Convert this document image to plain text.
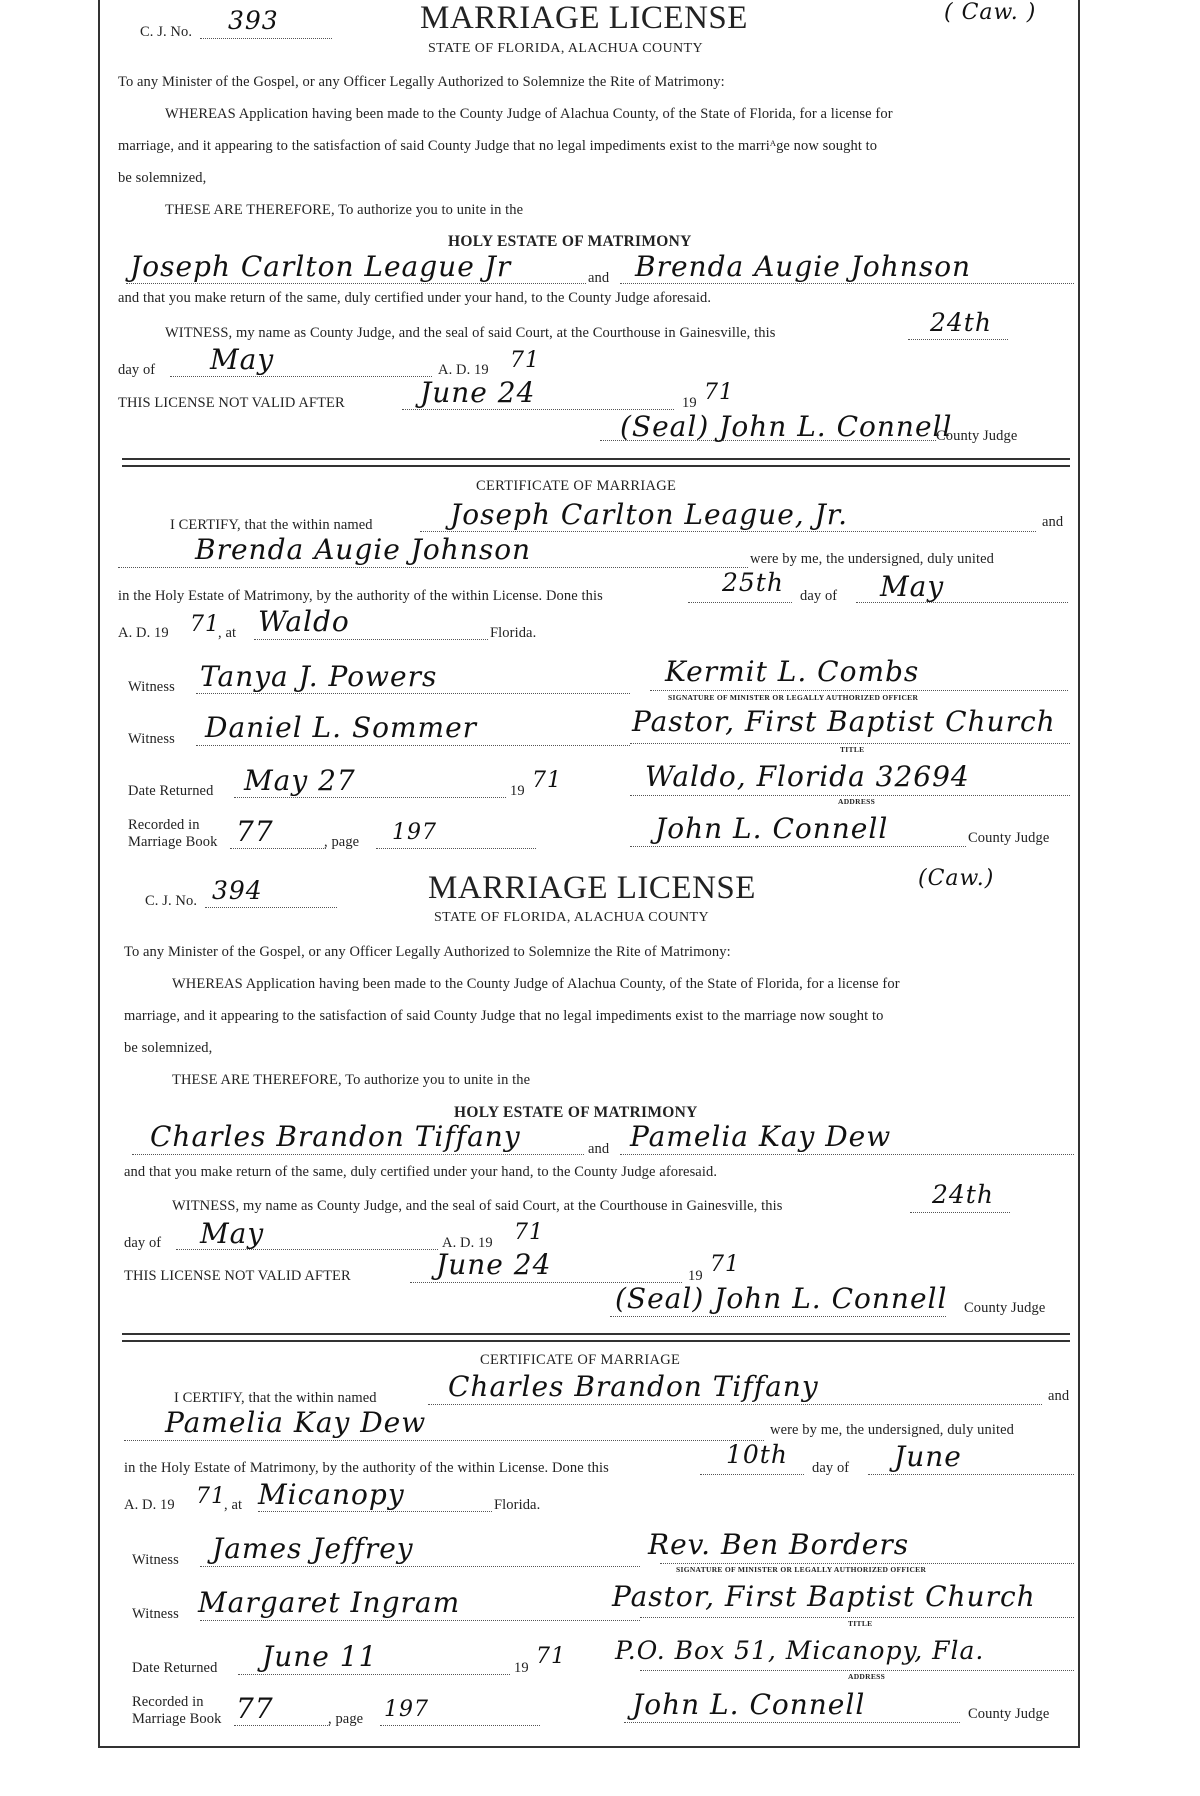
C. J. No. 393	MARRIAGE LICENSE	( Caw. )
STATE OF FLORIDA, ALACHUA COUNTY
To any Minister of the Gospel, or any Officer Legally Authorized to Solemnize the Rite of Matrimony:
WHEREAS Application having been made to the County Judge of Alachua County, of the State of Florida, for a license for
marriage, and it appearing to the satisfaction of said County Judge that no legal impediments exist to the marriᴬge now sought to
be solemnized,
THESE ARE THEREFORE, To authorize you to unite in the
HOLY ESTATE OF MATRIMONY
Joseph Carlton League Jr	and Brenda Augie Johnson
and that you make return of the same, duly certified under your hand, to the County Judge aforesaid.
WITNESS, my name as County Judge, and the seal of said Court, at the Courthouse in Gainesville, this	24th
day of May	A. D. 19 71
THIS LICENSE NOT VALID AFTER	June 24	19 71
(Seal) John L. Connell
County Judge
CERTIFICATE OF MARRIAGE
I CERTIFY, that the within named	Joseph Carlton League, Jr.	and
Brenda Augie Johnson	were by me, the undersigned, duly united
in the Holy Estate of Matrimony, by the authority of the within License. Done this	25th day of May
A. D. 19 71
, at Waldo	Florida.
Witness Tanya J. Powers	Kermit L. Combs
SIGNATURE OF MINISTER OR LEGALLY AUTHORIZED OFFICER
Witness Daniel L. Sommer	Pastor, First Baptist Church
TITLE
Date Returned May 27	19 71	Waldo, Florida 32694
ADDRESS
Recorded in
Marriage Book 77	, page 197	John L. Connell	County Judge
C. J. No. 394	MARRIAGE LICENSE	(Caw.)
STATE OF FLORIDA, ALACHUA COUNTY
To any Minister of the Gospel, or any Officer Legally Authorized to Solemnize the Rite of Matrimony:
WHEREAS Application having been made to the County Judge of Alachua County, of the State of Florida, for a license for
marriage, and it appearing to the satisfaction of said County Judge that no legal impediments exist to the marriage now sought to
be solemnized,
THESE ARE THEREFORE, To authorize you to unite in the
HOLY ESTATE OF MATRIMONY
Charles Brandon Tiffany	and Pamelia Kay Dew
and that you make return of the same, duly certified under your hand, to the County Judge aforesaid.
WITNESS, my name as County Judge, and the seal of said Court, at the Courthouse in Gainesville, this	24th
day of May	A. D. 19 71
THIS LICENSE NOT VALID AFTER	June 24	19 71
(Seal) John L. Connell County Judge
CERTIFICATE OF MARRIAGE
I CERTIFY, that the within named	Charles Brandon Tiffany	and
Pamelia Kay Dew	were by me, the undersigned, duly united
in the Holy Estate of Matrimony, by the authority of the within License. Done this	10th day of June
A. D. 19 71
, at Micanopy	Florida.
Witness James Jeffrey	Rev. Ben Borders
SIGNATURE OF MINISTER OR LEGALLY AUTHORIZED OFFICER
Witness Margaret Ingram	Pastor, First Baptist Church
TITLE
Date Returned June 11	19 71 P.O. Box 51, Micanopy, Fla.
ADDRESS
Recorded in
Marriage Book 77	, page 197	John L. Connell	County Judge
